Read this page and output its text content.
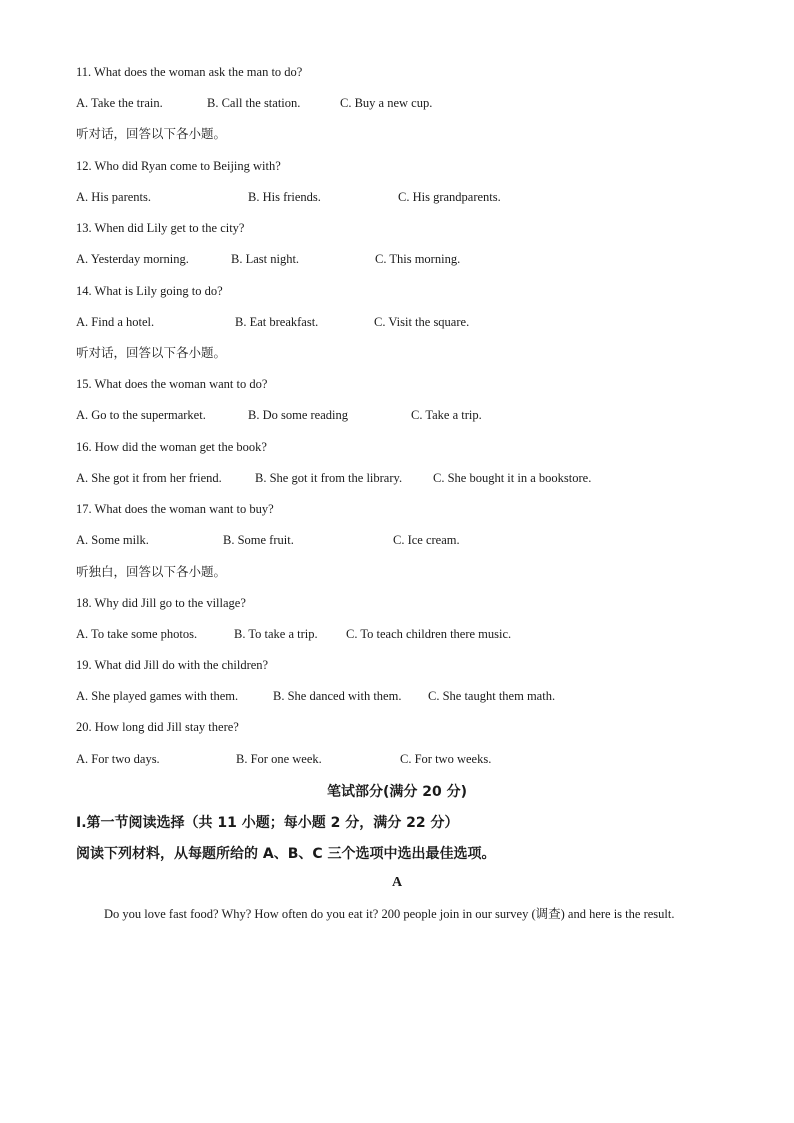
11. What does the woman ask the man to do?
A. Take the train.	B. Call the station.	C. Buy a new cup.
听对话，回答以下各小题。
12. Who did Ryan come to Beijing with?
A. His parents.	B. His friends.	C. His grandparents.
13. When did Lily get to the city?
A. Yesterday morning.	B. Last night.	C. This morning.
14. What is Lily going to do?
A. Find a hotel.	B. Eat breakfast.	C. Visit the square.
听对话，回答以下各小题。
15. What does the woman want to do?
A. Go to the supermarket.	B. Do some reading	C. Take a trip.
16. How did the woman get the book?
A. She got it from her friend.	B. She got it from the library. C. She bought it in a bookstore.
17. What does the woman want to buy?
A. Some milk.	B. Some fruit.	C. Ice cream.
听独白，回答以下各小题。
18. Why did Jill go to the village?
A. To take some photos.	B. To take a trip. C. To teach children there music.
19. What did Jill do with the children?
A. She played games with them.	B. She danced with them. C. She taught them math.
20. How long did Jill stay there?
A. For two days.	B. For one week.	C. For two weeks.
笔试部分(满分 20 分)
Ⅰ.第一节阅读选择（共 11 小题；每小题 2 分，满分 22 分）
阅读下列材料，从每题所给的 A、B、C 三个选项中选出最佳选项。
A
Do you love fast food? Why? How often do you eat it? 200 people join in our survey (调查) and here is the result.
